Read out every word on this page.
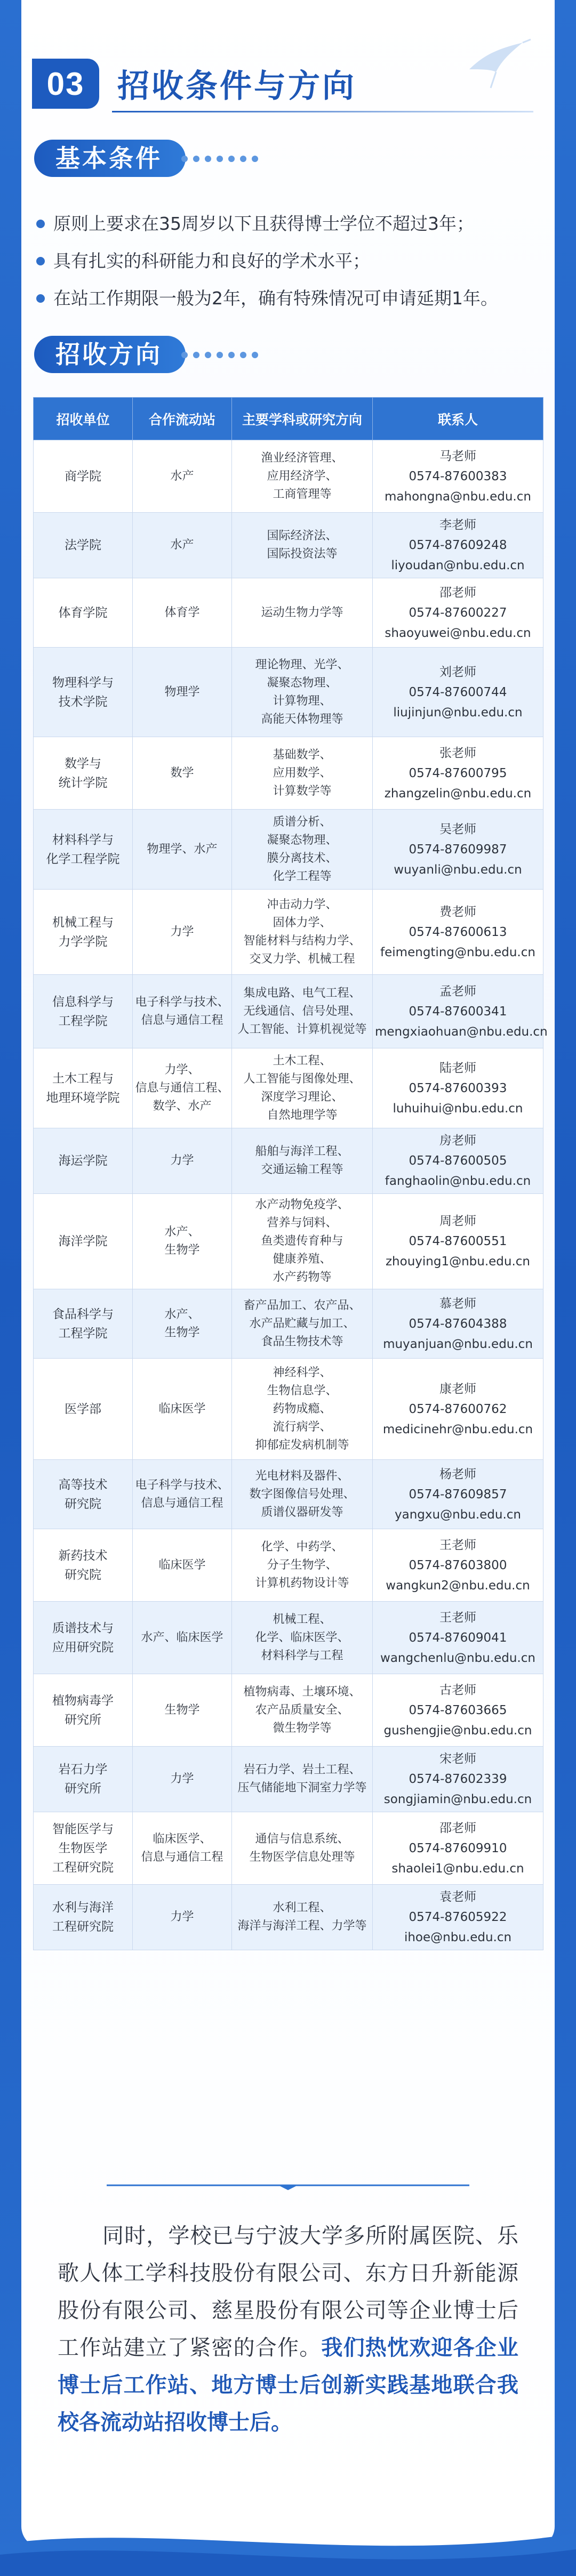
03	招收条件与方向
基本条件
原则上要求在35周岁以下且获得博士学位不超过3年；
具有扎实的科研能力和良好的学术水平；
在站工作期限一般为2年，确有特殊情况可申请延期1年。
招收方向
招收单位	合作流动站	主要学科或研究方向	联系人
商学院	水产	渔业经济管理、
应用经济学、
工商管理等	马老师
0574-87600383
mahongna@nbu.edu.cn
法学院	水产	国际经济法、
国际投资法等	李老师
0574-87609248
liyoudan@nbu.edu.cn
体育学院	体育学	运动生物力学等	邵老师
0574-87600227
shaoyuwei@nbu.edu.cn
物理科学与
技术学院	物理学	理论物理、光学、
凝聚态物理、
计算物理、
高能天体物理等	刘老师
0574-87600744
liujinjun@nbu.edu.cn
数学与
统计学院	数学	基础数学、
应用数学、
计算数学等	张老师
0574-87600795
zhangzelin@nbu.edu.cn
材料科学与
化学工程学院	物理学、水产	质谱分析、
凝聚态物理、
膜分离技术、
化学工程等	吴老师
0574-87609987
wuyanli@nbu.edu.cn
机械工程与
力学学院	力学	冲击动力学、
固体力学、
智能材料与结构力学、
交叉力学、机械工程	费老师
0574-87600613
feimengting@nbu.edu.cn
信息科学与
工程学院	电子科学与技术、
信息与通信工程	集成电路、电气工程、
无线通信、信号处理、
人工智能、计算机视觉等	孟老师
0574-87600341
mengxiaohuan@nbu.edu.cn
土木工程与
地理环境学院	力学、
信息与通信工程、
数学、水产	土木工程、
人工智能与图像处理、
深度学习理论、
自然地理学等	陆老师
0574-87600393
luhuihui@nbu.edu.cn
海运学院	力学	船舶与海洋工程、
交通运输工程等	房老师
0574-87600505
fanghaolin@nbu.edu.cn
海洋学院	水产、
生物学	水产动物免疫学、
营养与饲料、
鱼类遗传育种与
健康养殖、
水产药物等	周老师
0574-87600551
zhouying1@nbu.edu.cn
食品科学与
工程学院	水产、
生物学	畜产品加工、农产品、
水产品贮藏与加工、
食品生物技术等	慕老师
0574-87604388
muyanjuan@nbu.edu.cn
医学部	临床医学	神经科学、
生物信息学、
药物成瘾、
流行病学、
抑郁症发病机制等	康老师
0574-87600762
medicinehr@nbu.edu.cn
高等技术
研究院	电子科学与技术、
信息与通信工程	光电材料及器件、
数字图像信号处理、
质谱仪器研发等	杨老师
0574-87609857
yangxu@nbu.edu.cn
新药技术
研究院	临床医学	化学、中药学、
分子生物学、
计算机药物设计等	王老师
0574-87603800
wangkun2@nbu.edu.cn
质谱技术与
应用研究院	水产、临床医学	机械工程、
化学、临床医学、
材料科学与工程	王老师
0574-87609041
wangchenlu@nbu.edu.cn
植物病毒学
研究所	生物学	植物病毒、土壤环境、
农产品质量安全、
微生物学等	古老师
0574-87603665
gushengjie@nbu.edu.cn
岩石力学
研究所	力学	岩石力学、岩土工程、
压气储能地下洞室力学等	宋老师
0574-87602339
songjiamin@nbu.edu.cn
智能医学与
生物医学
工程研究院	临床医学、
信息与通信工程	通信与信息系统、
生物医学信息处理等	邵老师
0574-87609910
shaolei1@nbu.edu.cn
水利与海洋
工程研究院	力学	水利工程、
海洋与海洋工程、力学等	袁老师
0574-87605922
ihoe@nbu.edu.cn
同时，学校已与宁波大学多所附属医院、乐歌人体工学科技股份有限公司、东方日升新能源股份有限公司、慈星股份有限公司等企业博士后工作站建立了紧密的合作。我们热忱欢迎各企业博士后工作站、地方博士后创新实践基地联合我校各流动站招收博士后。
